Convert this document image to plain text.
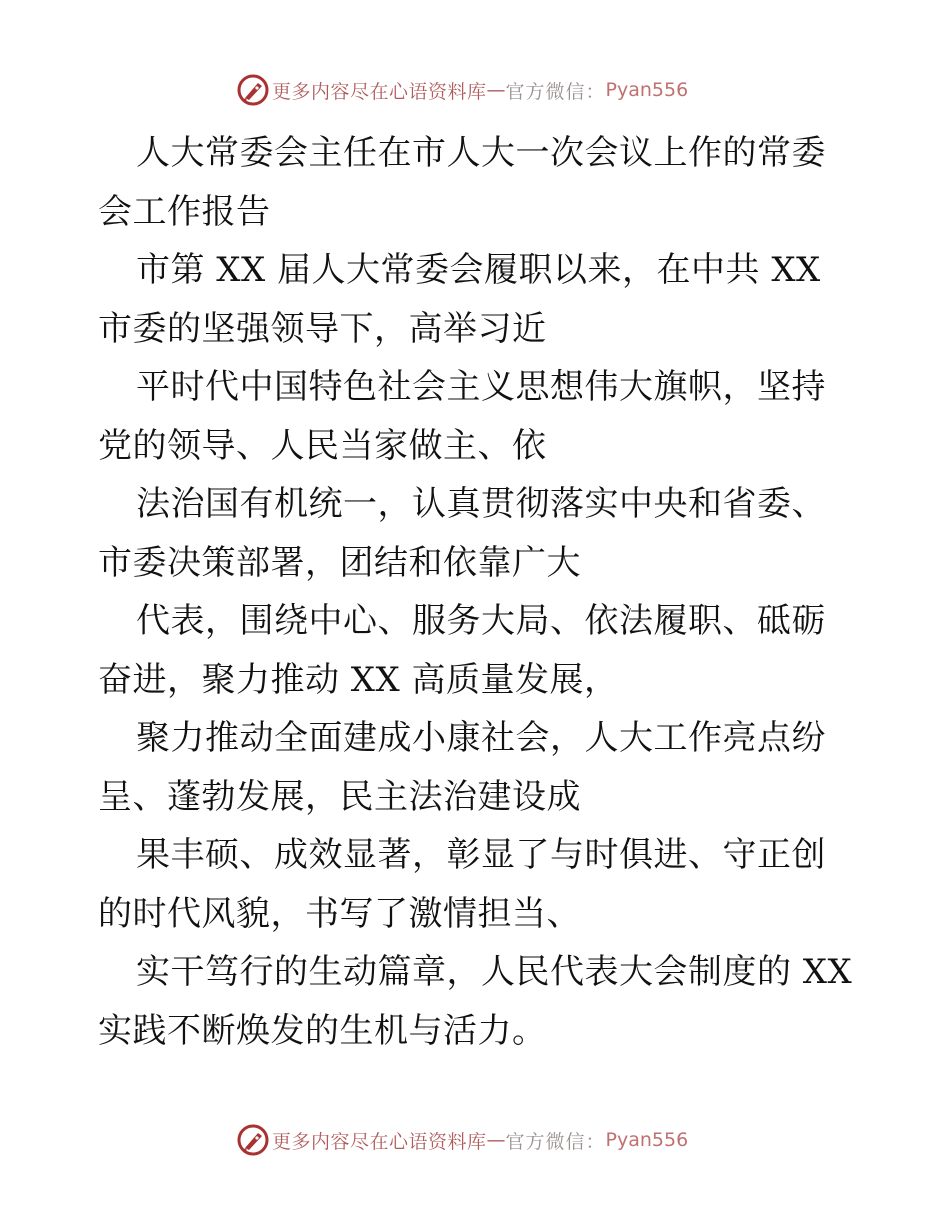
更多内容尽在心语资料库 — 官方微信： Pyan556

人大常委会主任在市人大一次会议上作的常委会工作报告

市第 XX 届人大常委会履职以来，在中共 XX 市委的坚强领导下，高举习近

平时代中国特色社会主义思想伟大旗帜，坚持党的领导、人民当家做主、依

法治国有机统一，认真贯彻落实中央和省委、市委决策部署，团结和依靠广大

代表，围绕中心、服务大局、依法履职、砥砺奋进，聚力推动 XX 高质量发展，

聚力推动全面建成小康社会，人大工作亮点纷呈、蓬勃发展，民主法治建设成

果丰硕、成效显著，彰显了与时俱进、守正创的时代风貌，书写了激情担当、

实干笃行的生动篇章，人民代表大会制度的 XX 实践不断焕发的生机与活力。

更多内容尽在心语资料库 — 官方微信： Pyan556
